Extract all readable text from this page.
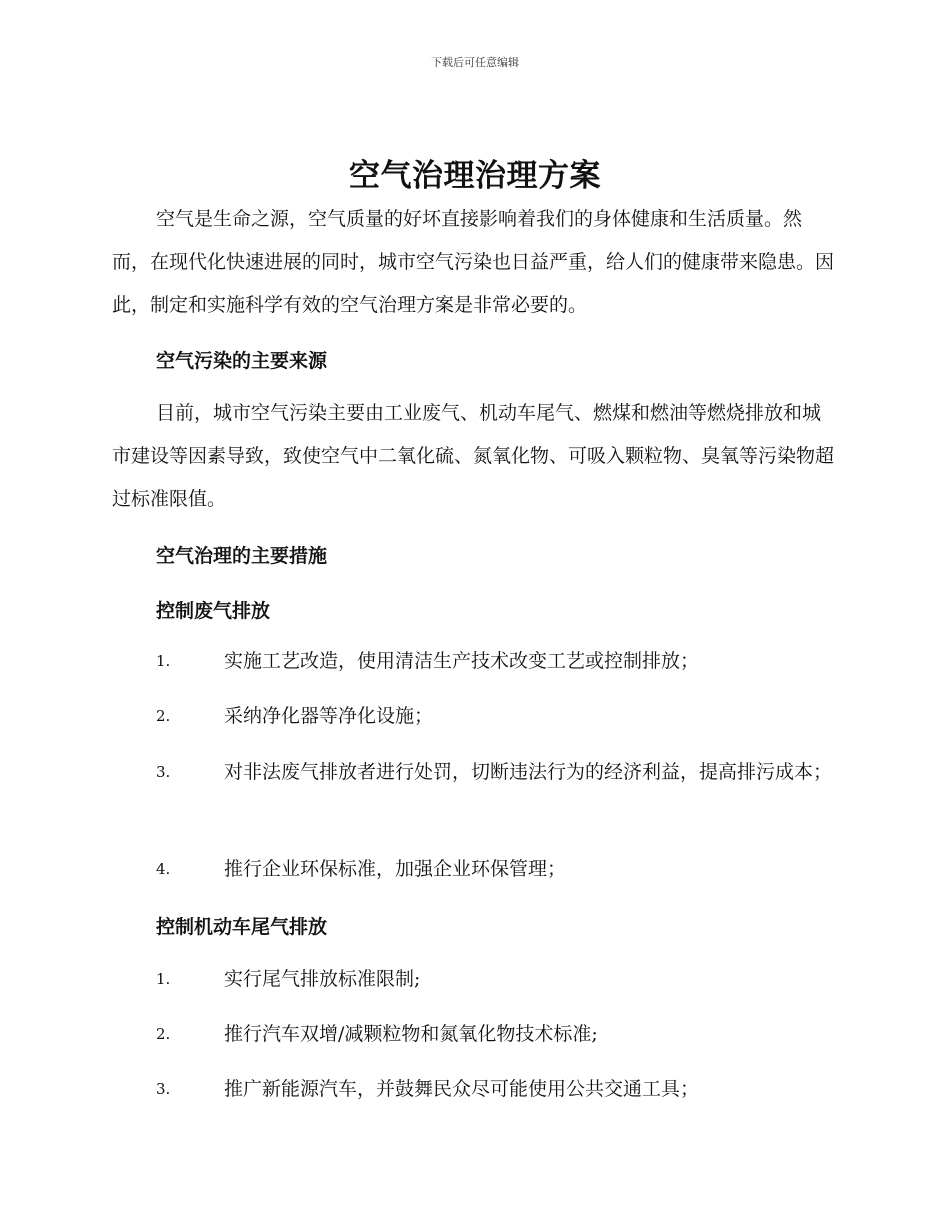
下载后可任意编辑
空气治理治理方案

空气是生命之源，空气质量的好坏直接影响着我们的身体健康和生活质量。然而，在现代化快速进展的同时，城市空气污染也日益严重，给人们的健康带来隐患。因此，制定和实施科学有效的空气治理方案是非常必要的。

空气污染的主要来源

目前，城市空气污染主要由工业废气、机动车尾气、燃煤和燃油等燃烧排放和城市建设等因素导致，致使空气中二氧化硫、氮氧化物、可吸入颗粒物、臭氧等污染物超过标准限值。

空气治理的主要措施

控制废气排放

1.	实施工艺改造，使用清洁生产技术改变工艺或控制排放；
2.	采纳净化器等净化设施；
3.	对非法废气排放者进行处罚，切断违法行为的经济利益，提高排污成本；
4.	推行企业环保标准，加强企业环保管理；

控制机动车尾气排放

1.	实行尾气排放标准限制;
2.	推行汽车双增/减颗粒物和氮氧化物技术标准;
3.	推广新能源汽车，并鼓舞民众尽可能使用公共交通工具；
